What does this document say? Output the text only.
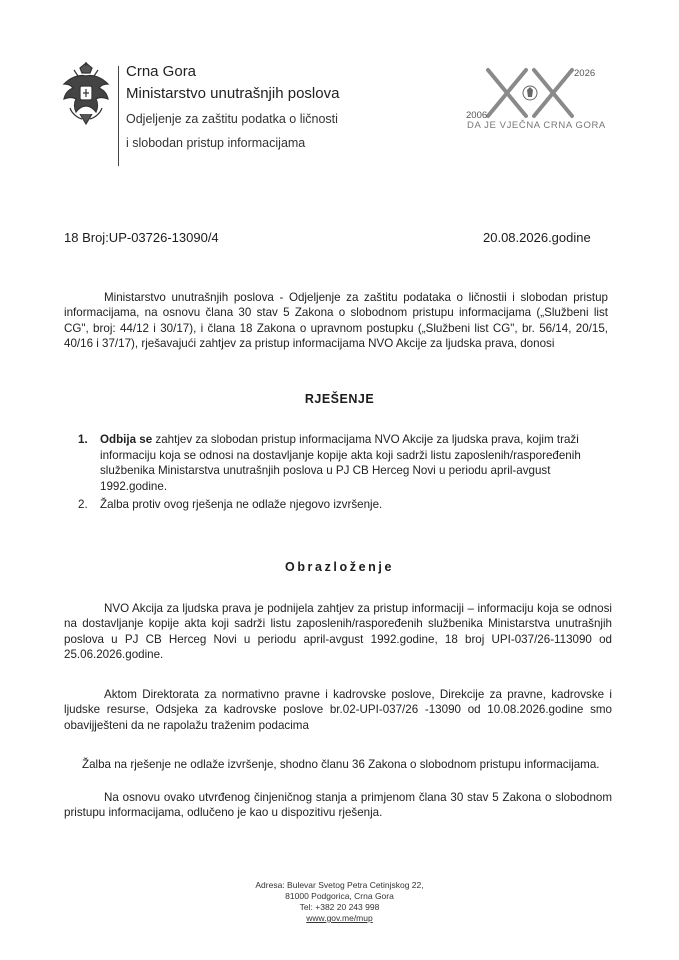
Crna Gora
Ministarstvo unutrašnjih poslova
Odjeljenje za zaštitu podatka o ličnosti
i slobodan pristup informacijama
2006
2026
DA JE VJEČNA CRNA GORA
18 Broj:UP-03726-13090/4	20.08.2026.godine

Ministarstvo unutrašnjih poslova - Odjeljenje za zaštitu podataka o ličnostii i slobodan pristup informacijama, na osnovu člana 30 stav 5 Zakona o slobodnom pristupu informacijama („Službeni list CG", broj: 44/12 i 30/17), i člana 18 Zakona o upravnom postupku („Službeni list CG", br. 56/14, 20/15, 40/16 i 37/17), rješavajući zahtjev za pristup informacijama NVO Akcije za ljudska prava, donosi

RJEŠENJE
1. Odbija se zahtjev za slobodan pristup informacijama NVO Akcije za ljudska prava, kojim traži informaciju koja se odnosi na dostavljanje kopije akta koji sadrži listu zaposlenih/raspoređenih službenika Ministarstva unutrašnjih poslova u PJ CB Herceg Novi u periodu april-avgust 1992.godine.
2. Žalba protiv ovog rješenja ne odlaže njegovo izvršenje.
Obrazloženje

NVO Akcija za ljudska prava je podnijela zahtjev za pristup informaciji – informaciju koja se odnosi na dostavljanje kopije akta koji sadrži listu zaposlenih/raspoređenih službenika Ministarstva unutrašnjih poslova u PJ CB Herceg Novi u periodu april-avgust 1992.godine, 18 broj UPI-037/26-113090 od 25.06.2026.godine.

Aktom Direktorata za normativno pravne i kadrovske poslove, Direkcije za pravne, kadrovske i ljudske resurse, Odsjeka za kadrovske poslove br.02-UPI-037/26 -13090 od 10.08.2026.godine smo obavijješteni da ne rapolažu traženim podacima

Žalba na rješenje ne odlaže izvršenje, shodno članu 36 Zakona o slobodnom pristupu informacijama.

Na osnovu ovako utvrđenog činjeničnog stanja a primjenom člana 30 stav 5 Zakona o slobodnom pristupu informacijama, odlučeno je kao u dispozitivu rješenja.

Adresa: Bulevar Svetog Petra Cetinjskog 22,
81000 Podgorica, Crna Gora
Tel: +382 20 243 998
www.gov.me/mup
